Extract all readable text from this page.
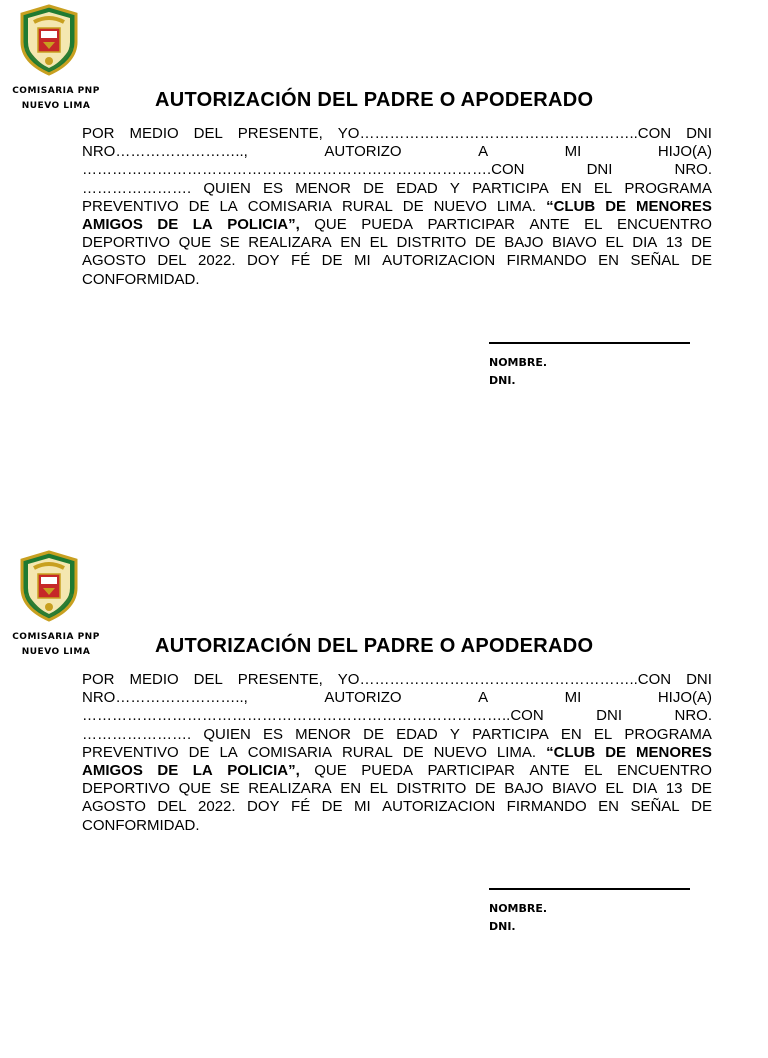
COMISARIA PNP
NUEVO LIMA	AUTORIZACIÓN DEL PADRE O APODERADO
POR MEDIO DEL PRESENTE, YO………………………………………………..CON DNI
NRO……………………..,	AUTORIZO	A	MI	HIJO(A)
……………………………………………………………………….CON	DNI	NRO.
…………………. QUIEN ES MENOR DE EDAD Y PARTICIPA EN EL PROGRAMA
PREVENTIVO DE LA COMISARIA RURAL DE NUEVO LIMA. “CLUB DE MENORES
AMIGOS DE LA POLICIA”, QUE PUEDA PARTICIPAR ANTE EL ENCUENTRO
DEPORTIVO QUE SE REALIZARA EN EL DISTRITO DE BAJO BIAVO EL DIA 13 DE
AGOSTO DEL 2022. DOY FÉ DE MI AUTORIZACION FIRMANDO EN SEÑAL DE
CONFORMIDAD.
NOMBRE.
DNI.
COMISARIA PNP
NUEVO LIMA	AUTORIZACIÓN DEL PADRE O APODERADO
POR MEDIO DEL PRESENTE, YO………………………………………………..CON DNI
NRO……………………..,	AUTORIZO	A	MI	HIJO(A)
…………………………………………………………………………..CON	DNI	NRO.
…………………. QUIEN ES MENOR DE EDAD Y PARTICIPA EN EL PROGRAMA
PREVENTIVO DE LA COMISARIA RURAL DE NUEVO LIMA. “CLUB DE MENORES
AMIGOS DE LA POLICIA”, QUE PUEDA PARTICIPAR ANTE EL ENCUENTRO
DEPORTIVO QUE SE REALIZARA EN EL DISTRITO DE BAJO BIAVO EL DIA 13 DE
AGOSTO DEL 2022. DOY FÉ DE MI AUTORIZACION FIRMANDO EN SEÑAL DE
CONFORMIDAD.
NOMBRE.
DNI.
